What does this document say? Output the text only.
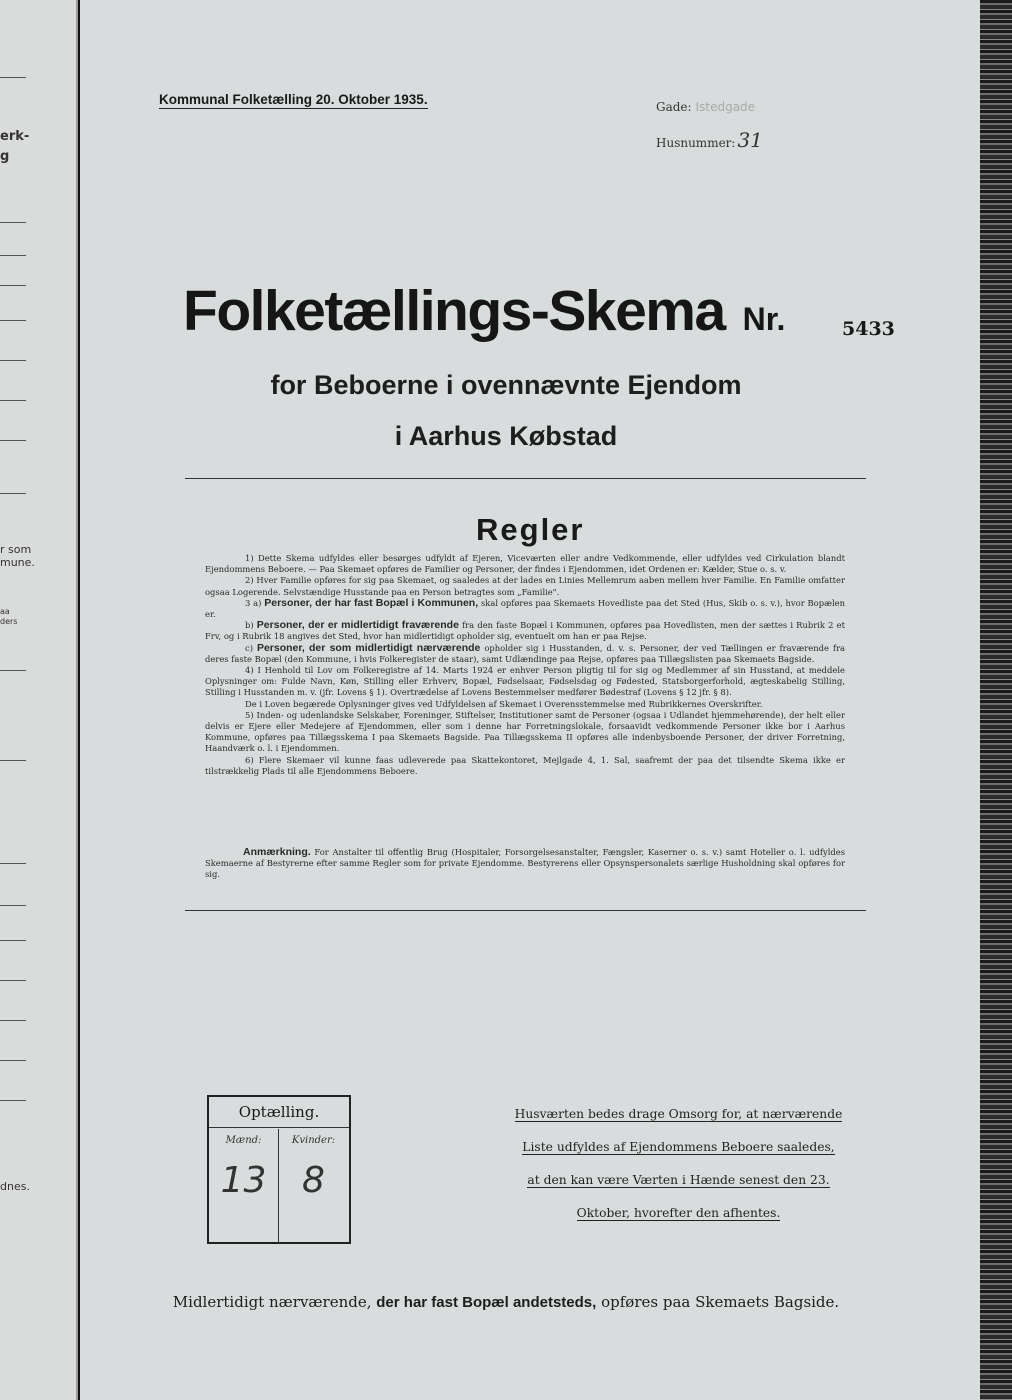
erk-
g
r som
mune.
aa
ders
dnes.
Kommunal Folketælling 20. Oktober 1935.	Gade: Istedgade
Husnummer: 31
Folketællings-Skema Nr.	5433
for Beboerne i ovennævnte Ejendom
i Aarhus Købstad
Regler

1) Dette Skema udfyldes eller besørges udfyldt af Ejeren, Viceværten eller andre Vedkommende, eller udfyldes ved Cirkulation blandt Ejendommens Beboere. — Paa Skemaet opføres de Familier og Personer, der findes i Ejendommen, idet Ordenen er: Kælder, Stue o. s. v.

2) Hver Familie opføres for sig paa Skemaet, og saaledes at der lades en Linies Mellemrum aaben mellem hver Familie. En Familie omfatter ogsaa Logerende. Selvstændige Husstande paa en Person betragtes som „Familie".

3 a) Personer, der har fast Bopæl i Kommunen, skal opføres paa Skemaets Hovedliste paa det Sted (Hus, Skib o. s. v.), hvor Bopælen er.

b) Personer, der er midlertidigt fraværende fra den faste Bopæl i Kommunen, opføres paa Hovedlisten, men der sættes i Rubrik 2 et Frv, og i Rubrik 18 angives det Sted, hvor han midlertidigt opholder sig, eventuelt om han er paa Rejse.

c) Personer, der som midlertidigt nærværende opholder sig i Husstanden, d. v. s. Personer, der ved Tællingen er fraværende fra deres faste Bopæl (den Kommune, i hvis Folkeregister de staar), samt Udlændinge paa Rejse, opføres paa Tillægslisten paa Skemaets Bagside.

4) I Henhold til Lov om Folkeregistre af 14. Marts 1924 er enhver Person pligtig til for sig og Medlemmer af sin Husstand, at meddele Oplysninger om: Fulde Navn, Køn, Stilling eller Erhverv, Bopæl, Fødselsaar, Fødselsdag og Fødested, Statsborgerforhold, ægteskabelig Stilling, Stilling i Husstanden m. v. (jfr. Lovens § 1). Overtrædelse af Lovens Bestemmelser medfører Bødestraf (Lovens § 12 jfr. § 8).

De i Loven begærede Oplysninger gives ved Udfyldelsen af Skemaet i Overensstemmelse med Rubrikkernes Overskrifter.

5) Inden- og udenlandske Selskaber, Foreninger, Stiftelser, Institutioner samt de Personer (ogsaa i Udlandet hjemmehørende), der helt eller delvis er Ejere eller Medejere af Ejendommen, eller som i denne har Forretningslokale, forsaavidt vedkommende Personer ikke bor i Aarhus Kommune, opføres paa Tillægsskema I paa Skemaets Bagside. Paa Tillægsskema II opføres alle indenbysboende Personer, der driver Forretning, Haandværk o. l. i Ejendommen.

6) Flere Skemaer vil kunne faas udleverede paa Skattekontoret, Mejlgade 4, 1. Sal, saafremt der paa det tilsendte Skema ikke er tilstrækkelig Plads til alle Ejendommens Beboere.

Anmærkning. For Anstalter til offentlig Brug (Hospitaler, Forsorgelsesanstalter, Fængsler, Kaserner o. s. v.) samt Hoteller o. l. udfyldes Skemaerne af Bestyrerne efter samme Regler som for private Ejendomme. Bestyrerens eller Opsynspersonalets særlige Husholdning skal opføres for sig.

Optælling.
Mænd:
13
Kvinder:
8
Husværten bedes drage Omsorg for, at nærværende
Liste udfyldes af Ejendommens Beboere saaledes,
at den kan være Værten i Hænde senest den 23.
Oktober, hvorefter den afhentes.
Midlertidigt nærværende, der har fast Bopæl andetsteds, opføres paa Skemaets Bagside.
